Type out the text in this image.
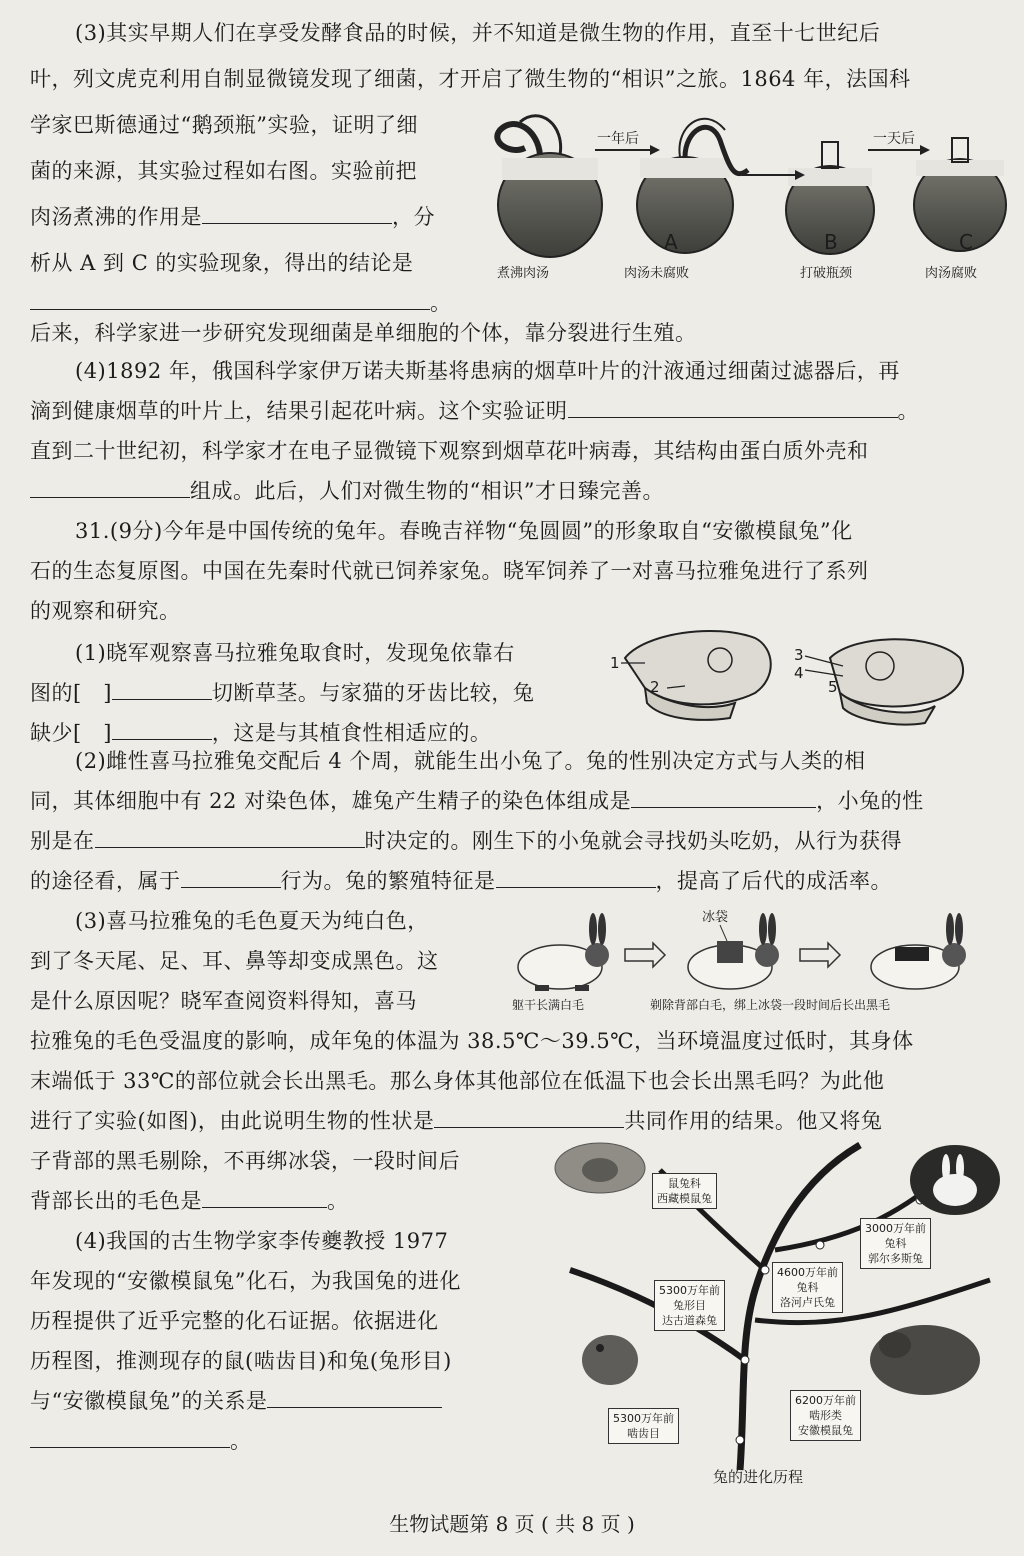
(3)其实早期人们在享受发酵食品的时候，并不知道是微生物的作用，直至十七世纪后
叶，列文虎克利用自制显微镜发现了细菌，才开启了微生物的“相识”之旅。1864 年，法国科
学家巴斯德通过“鹅颈瓶”实验，证明了细
菌的来源，其实验过程如右图。实验前把
肉汤煮沸的作用是	，分
析从 A 到 C 的实验现象，得出的结论是
。
后来，科学家进一步研究发现细菌是单细胞的个体，靠分裂进行生殖。
一年后	一天后
A	B	C
煮沸肉汤	肉汤未腐败	打破瓶颈	肉汤腐败
(4)1892 年，俄国科学家伊万诺夫斯基将患病的烟草叶片的汁液通过细菌过滤器后，再
滴到健康烟草的叶片上，结果引起花叶病。这个实验证明	。
直到二十世纪初，科学家才在电子显微镜下观察到烟草花叶病毒，其结构由蛋白质外壳和
组成。此后，人们对微生物的“相识”才日臻完善。
31.(9分)今年是中国传统的兔年。春晚吉祥物“兔圆圆”的形象取自“安徽模鼠兔”化
石的生态复原图。中国在先秦时代就已饲养家兔。晓军饲养了一对喜马拉雅兔进行了系列
的观察和研究。
(1)晓军观察喜马拉雅兔取食时，发现兔依靠右
图的[　]	切断草茎。与家猫的牙齿比较，兔
缺少[　]	，这是与其植食性相适应的。
1
2
3
4
5
(2)雌性喜马拉雅兔交配后 4 个周，就能生出小兔了。兔的性别决定方式与人类的相
同，其体细胞中有 22 对染色体，雄兔产生精子的染色体组成是	，小兔的性
别是在	时决定的。刚生下的小兔就会寻找奶头吃奶，从行为获得
的途径看，属于	行为。兔的繁殖特征是	，提高了后代的成活率。
(3)喜马拉雅兔的毛色夏天为纯白色，
到了冬天尾、足、耳、鼻等却变成黑色。这
是什么原因呢？晓军查阅资料得知，喜马
拉雅兔的毛色受温度的影响，成年兔的体温为 38.5℃～39.5℃，当环境温度过低时，其身体
末端低于 33℃的部位就会长出黑毛。那么身体其他部位在低温下也会长出黑毛吗？为此他
进行了实验(如图)，由此说明生物的性状是	共同作用的结果。他又将兔
子背部的黑毛剔除，不再绑冰袋，一段时间后
背部长出的毛色是	。
冰袋
躯干长满白毛	剃除背部白毛，绑上冰袋一段时间后长出黑毛
(4)我国的古生物学家李传夔教授 1977
年发现的“安徽模鼠兔”化石，为我国兔的进化
历程提供了近乎完整的化石证据。依据进化
历程图，推测现存的鼠(啮齿目)和兔(兔形目)
与“安徽模鼠兔”的关系是
。
鼠兔科
西藏模鼠兔
3000万年前
兔科
郭尔多斯兔
4600万年前
兔科
洛河卢氏兔
5300万年前
兔形目
达古道森兔
5300万年前
啮齿目
6200万年前
啮形类
安徽模鼠兔
兔的进化历程
生物试题第 8 页 ( 共 8 页 )
